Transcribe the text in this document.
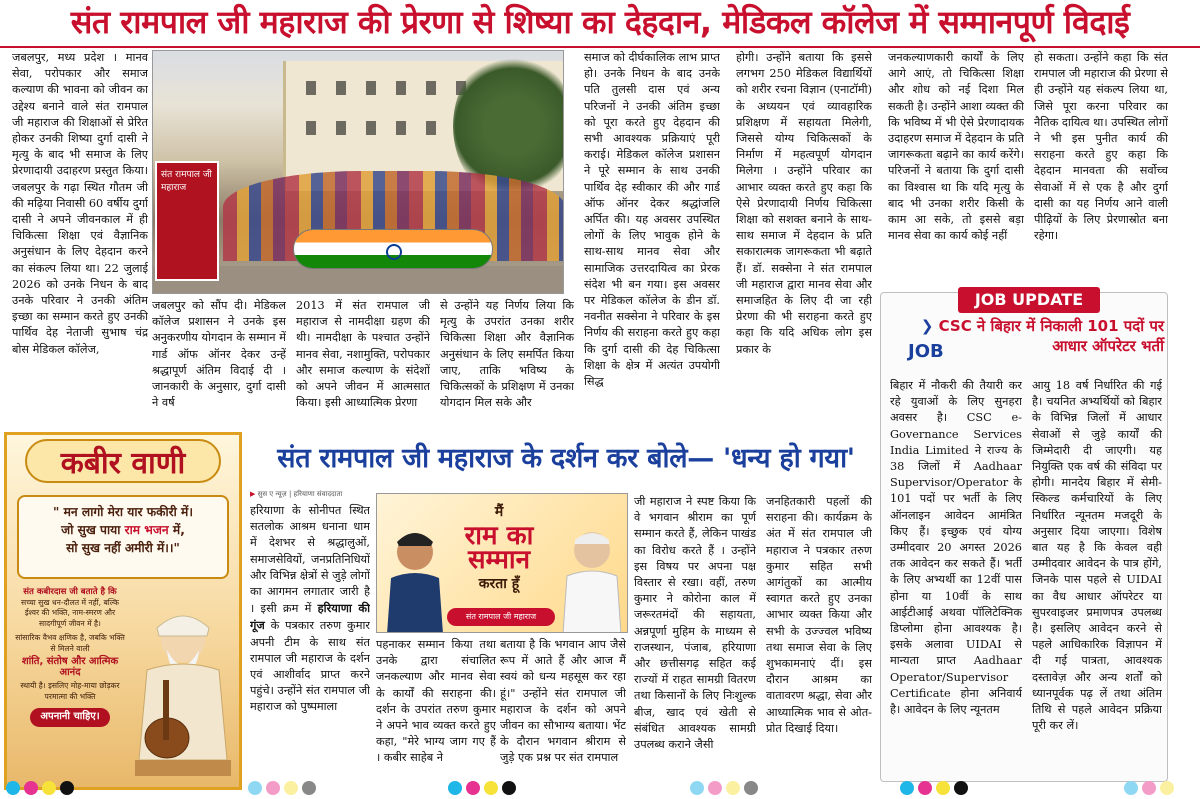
संत रामपाल जी महाराज की प्रेरणा से शिष्या का देहदान, मेडिकल कॉलेज में सम्मानपूर्ण विदाई
जबलपुर, मध्य प्रदेश । मानव सेवा, परोपकार और समाज कल्याण की भावना को जीवन का उद्देश्य बनाने वाले संत रामपाल जी महाराज की शिक्षाओं से प्रेरित होकर उनकी शिष्या दुर्गा दासी ने मृत्यु के बाद भी समाज के लिए प्रेरणादायी उदाहरण प्रस्तुत किया। जबलपुर के गढ़ा स्थित गौतम जी की मढ़िया निवासी 60 वर्षीय दुर्गा दासी ने अपने जीवनकाल में ही चिकित्सा शिक्षा एवं वैज्ञानिक अनुसंधान के लिए देहदान करने का संकल्प लिया था। 22 जुलाई 2026 को उनके निधन के बाद उनके परिवार ने उनकी अंतिम इच्छा का सम्मान करते हुए उनकी पार्थिव देह नेताजी सुभाष चंद्र बोस मेडिकल कॉलेज,
संत रामपाल जी महाराज
जबलपुर को सौंप दी। मेडिकल कॉलेज प्रशासन ने उनके इस अनुकरणीय योगदान के सम्मान में गार्ड ऑफ ऑनर देकर उन्हें श्रद्धापूर्ण अंतिम विदाई दी । जानकारी के अनुसार, दुर्गा दासी ने वर्ष
2013 में संत रामपाल जी महाराज से नामदीक्षा ग्रहण की थी। नामदीक्षा के पश्चात उन्होंने मानव सेवा, नशामुक्ति, परोपकार और समाज कल्याण के संदेशों को अपने जीवन में आत्मसात किया। इसी आध्यात्मिक प्रेरणा
से उन्होंने यह निर्णय लिया कि मृत्यु के उपरांत उनका शरीर चिकित्सा शिक्षा और वैज्ञानिक अनुसंधान के लिए समर्पित किया जाए, ताकि भविष्य के चिकित्सकों के प्रशिक्षण में उनका योगदान मिल सके और
समाज को दीर्घकालिक लाभ प्राप्त हो। उनके निधन के बाद उनके पति तुलसी दास एवं अन्य परिजनों ने उनकी अंतिम इच्छा को पूरा करते हुए देहदान की सभी आवश्यक प्रक्रियाएं पूरी कराई। मेडिकल कॉलेज प्रशासन ने पूरे सम्मान के साथ उनकी पार्थिव देह स्वीकार की और गार्ड ऑफ ऑनर देकर श्रद्धांजलि अर्पित की। यह अवसर उपस्थित लोगों के लिए भावुक होने के साथ-साथ मानव सेवा और सामाजिक उत्तरदायित्व का प्रेरक संदेश भी बन गया। इस अवसर पर मेडिकल कॉलेज के डीन डॉ. नवनीत सक्सेना ने परिवार के इस निर्णय की सराहना करते हुए कहा कि दुर्गा दासी की देह चिकित्सा शिक्षा के क्षेत्र में अत्यंत उपयोगी सिद्ध
होगी। उन्होंने बताया कि इससे लगभग 250 मेडिकल विद्यार्थियों को शरीर रचना विज्ञान (एनाटॉमी) के अध्ययन एवं व्यावहारिक प्रशिक्षण में सहायता मिलेगी, जिससे योग्य चिकित्सकों के निर्माण में महत्वपूर्ण योगदान मिलेगा । उन्होंने परिवार का आभार व्यक्त करते हुए कहा कि ऐसे प्रेरणादायी निर्णय चिकित्सा शिक्षा को सशक्त बनाने के साथ-साथ समाज में देहदान के प्रति सकारात्मक जागरूकता भी बढ़ाते हैं। डॉ. सक्सेना ने संत रामपाल जी महाराज द्वारा मानव सेवा और समाजहित के लिए दी जा रही प्रेरणा की भी सराहना करते हुए कहा कि यदि अधिक लोग इस प्रकार के
जनकल्याणकारी कार्यों के लिए आगे आएं, तो चिकित्सा शिक्षा और शोध को नई दिशा मिल सकती है। उन्होंने आशा व्यक्त की कि भविष्य में भी ऐसे प्रेरणादायक उदाहरण समाज में देहदान के प्रति जागरूकता बढ़ाने का कार्य करेंगे। परिजनों ने बताया कि दुर्गा दासी का विश्वास था कि यदि मृत्यु के बाद भी उनका शरीर किसी के काम आ सके, तो इससे बड़ा मानव सेवा का कार्य कोई नहीं
हो सकता। उन्होंने कहा कि संत रामपाल जी महाराज की प्रेरणा से ही उन्होंने यह संकल्प लिया था, जिसे पूरा करना परिवार का नैतिक दायित्व था। उपस्थित लोगों ने भी इस पुनीत कार्य की सराहना करते हुए कहा कि देहदान मानवता की सर्वोच्च सेवाओं में से एक है और दुर्गा दासी का यह निर्णय आने वाली पीढ़ियों के लिए प्रेरणास्रोत बना रहेगा।
कबीर वाणी
" मन लागो मेरा यार फकीरी में।
जो सुख पाया राम भजन में,
सो सुख नहीं अमीरी में।।"
संत कबीरदास जी बताते है कि
सच्चा सुख धन-दौलत में नहीं, बल्कि ईश्वर की भक्ति, नाम-स्मरण और सादगीपूर्ण जीवन में है।
सांसारिक वैभव क्षणिक है, जबकि भक्ति से मिलने वाली
शांति, संतोष और आत्मिक आनंद
स्थायी है। इसलिए मोह-माया छोड़कर परमात्मा की भक्ति
अपनानी चाहिए।
संत रामपाल जी महाराज के दर्शन कर बोले— 'धन्य हो गया'
▶ सुस ए न्यूज़ | हरियाणा संवाददाता
हरियाणा के सोनीपत स्थित सतलोक आश्रम धनाना धाम में देशभर से श्रद्धालुओं, समाजसेवियों, जनप्रतिनिधियों और विभिन्न क्षेत्रों से जुड़े लोगों का आगमन लगातार जारी है । इसी क्रम में हरियाणा की गूंज के पत्रकार तरुण कुमार अपनी टीम के साथ संत रामपाल जी महाराज के दर्शन एवं आशीर्वाद प्राप्त करने पहुंचे। उन्होंने संत रामपाल जी महाराज को पुष्पमाला
मैं
राम का
सम्मान
करता हूँ
संत रामपाल जी महाराज
पहनाकर सम्मान किया तथा उनके द्वारा संचालित जनकल्याण और मानव सेवा के कार्यों की सराहना की।दर्शन के उपरांत तरुण कुमार ने अपने भाव व्यक्त करते हुए कहा, "मेरे भाग्य जाग गए हैं । कबीर साहेब ने
बताया है कि भगवान आप जैसे रूप में आते हैं और आज मैं स्वयं को धन्य महसूस कर रहा हूं।" उन्होंने संत रामपाल जी महाराज के दर्शन को अपने जीवन का सौभाग्य बताया। भेंट के दौरान भगवान श्रीराम से जुड़े एक प्रश्न पर संत रामपाल
जी महाराज ने स्पष्ट किया कि वे भगवान श्रीराम का पूर्ण सम्मान करते हैं, लेकिन पाखंड का विरोध करते हैं । उन्होंने इस विषय पर अपना पक्ष विस्तार से रखा। वहीं, तरुण कुमार ने कोरोना काल में जरूरतमंदों की सहायता, अन्नपूर्णा मुहिम के माध्यम से राजस्थान, पंजाब, हरियाणा और छत्तीसगढ़ सहित कई राज्यों में राहत सामग्री वितरण तथा किसानों के लिए निःशुल्क बीज, खाद एवं खेती से संबंधित आवश्यक सामग्री उपलब्ध कराने जैसी
जनहितकारी पहलों की सराहना की। कार्यक्रम के अंत में संत रामपाल जी महाराज ने पत्रकार तरुण कुमार सहित सभी आगंतुकों का आत्मीय स्वागत करते हुए उनका आभार व्यक्त किया और सभी के उज्ज्वल भविष्य तथा समाज सेवा के लिए शुभकामनाएं दीं। इस दौरान आश्रम का वातावरण श्रद्धा, सेवा और आध्यात्मिक भाव से ओत-प्रोत दिखाई दिया।
JOB UPDATE
❯ CSC ने बिहार में निकाली 101 पदों पर आधार ऑपरेटर भर्ती
JOB
बिहार में नौकरी की तैयारी कर रहे युवाओं के लिए सुनहरा अवसर है। CSC e-Governance Services India Limited ने राज्य के 38 जिलों में Aadhaar Supervisor/Operator के 101 पदों पर भर्ती के लिए ऑनलाइन आवेदन आमंत्रित किए हैं। इच्छुक एवं योग्य उम्मीदवार 20 अगस्त 2026 तक आवेदन कर सकते हैं। भर्ती के लिए अभ्यर्थी का 12वीं पास होना या 10वीं के साथ आईटीआई अथवा पॉलिटेक्निक डिप्लोमा होना आवश्यक है। इसके अलावा UIDAI से मान्यता प्राप्त Aadhaar Operator/Supervisor Certificate होना अनिवार्य है। आवेदन के लिए न्यूनतम
आयु 18 वर्ष निर्धारित की गई है। चयनित अभ्यर्थियों को बिहार के विभिन्न जिलों में आधार सेवाओं से जुड़े कार्यों की जिम्मेदारी दी जाएगी। यह नियुक्ति एक वर्ष की संविदा पर होगी। मानदेय बिहार में सेमी-स्किल्ड कर्मचारियों के लिए निर्धारित न्यूनतम मजदूरी के अनुसार दिया जाएगा। विशेष बात यह है कि केवल वही उम्मीदवार आवेदन के पात्र होंगे, जिनके पास पहले से UIDAI का वैध आधार ऑपरेटर या सुपरवाइजर प्रमाणपत्र उपलब्ध है। इसलिए आवेदन करने से पहले आधिकारिक विज्ञापन में दी गई पात्रता, आवश्यक दस्तावेज़ और अन्य शर्तों को ध्यानपूर्वक पढ़ लें तथा अंतिम तिथि से पहले आवेदन प्रक्रिया पूरी कर लें।
